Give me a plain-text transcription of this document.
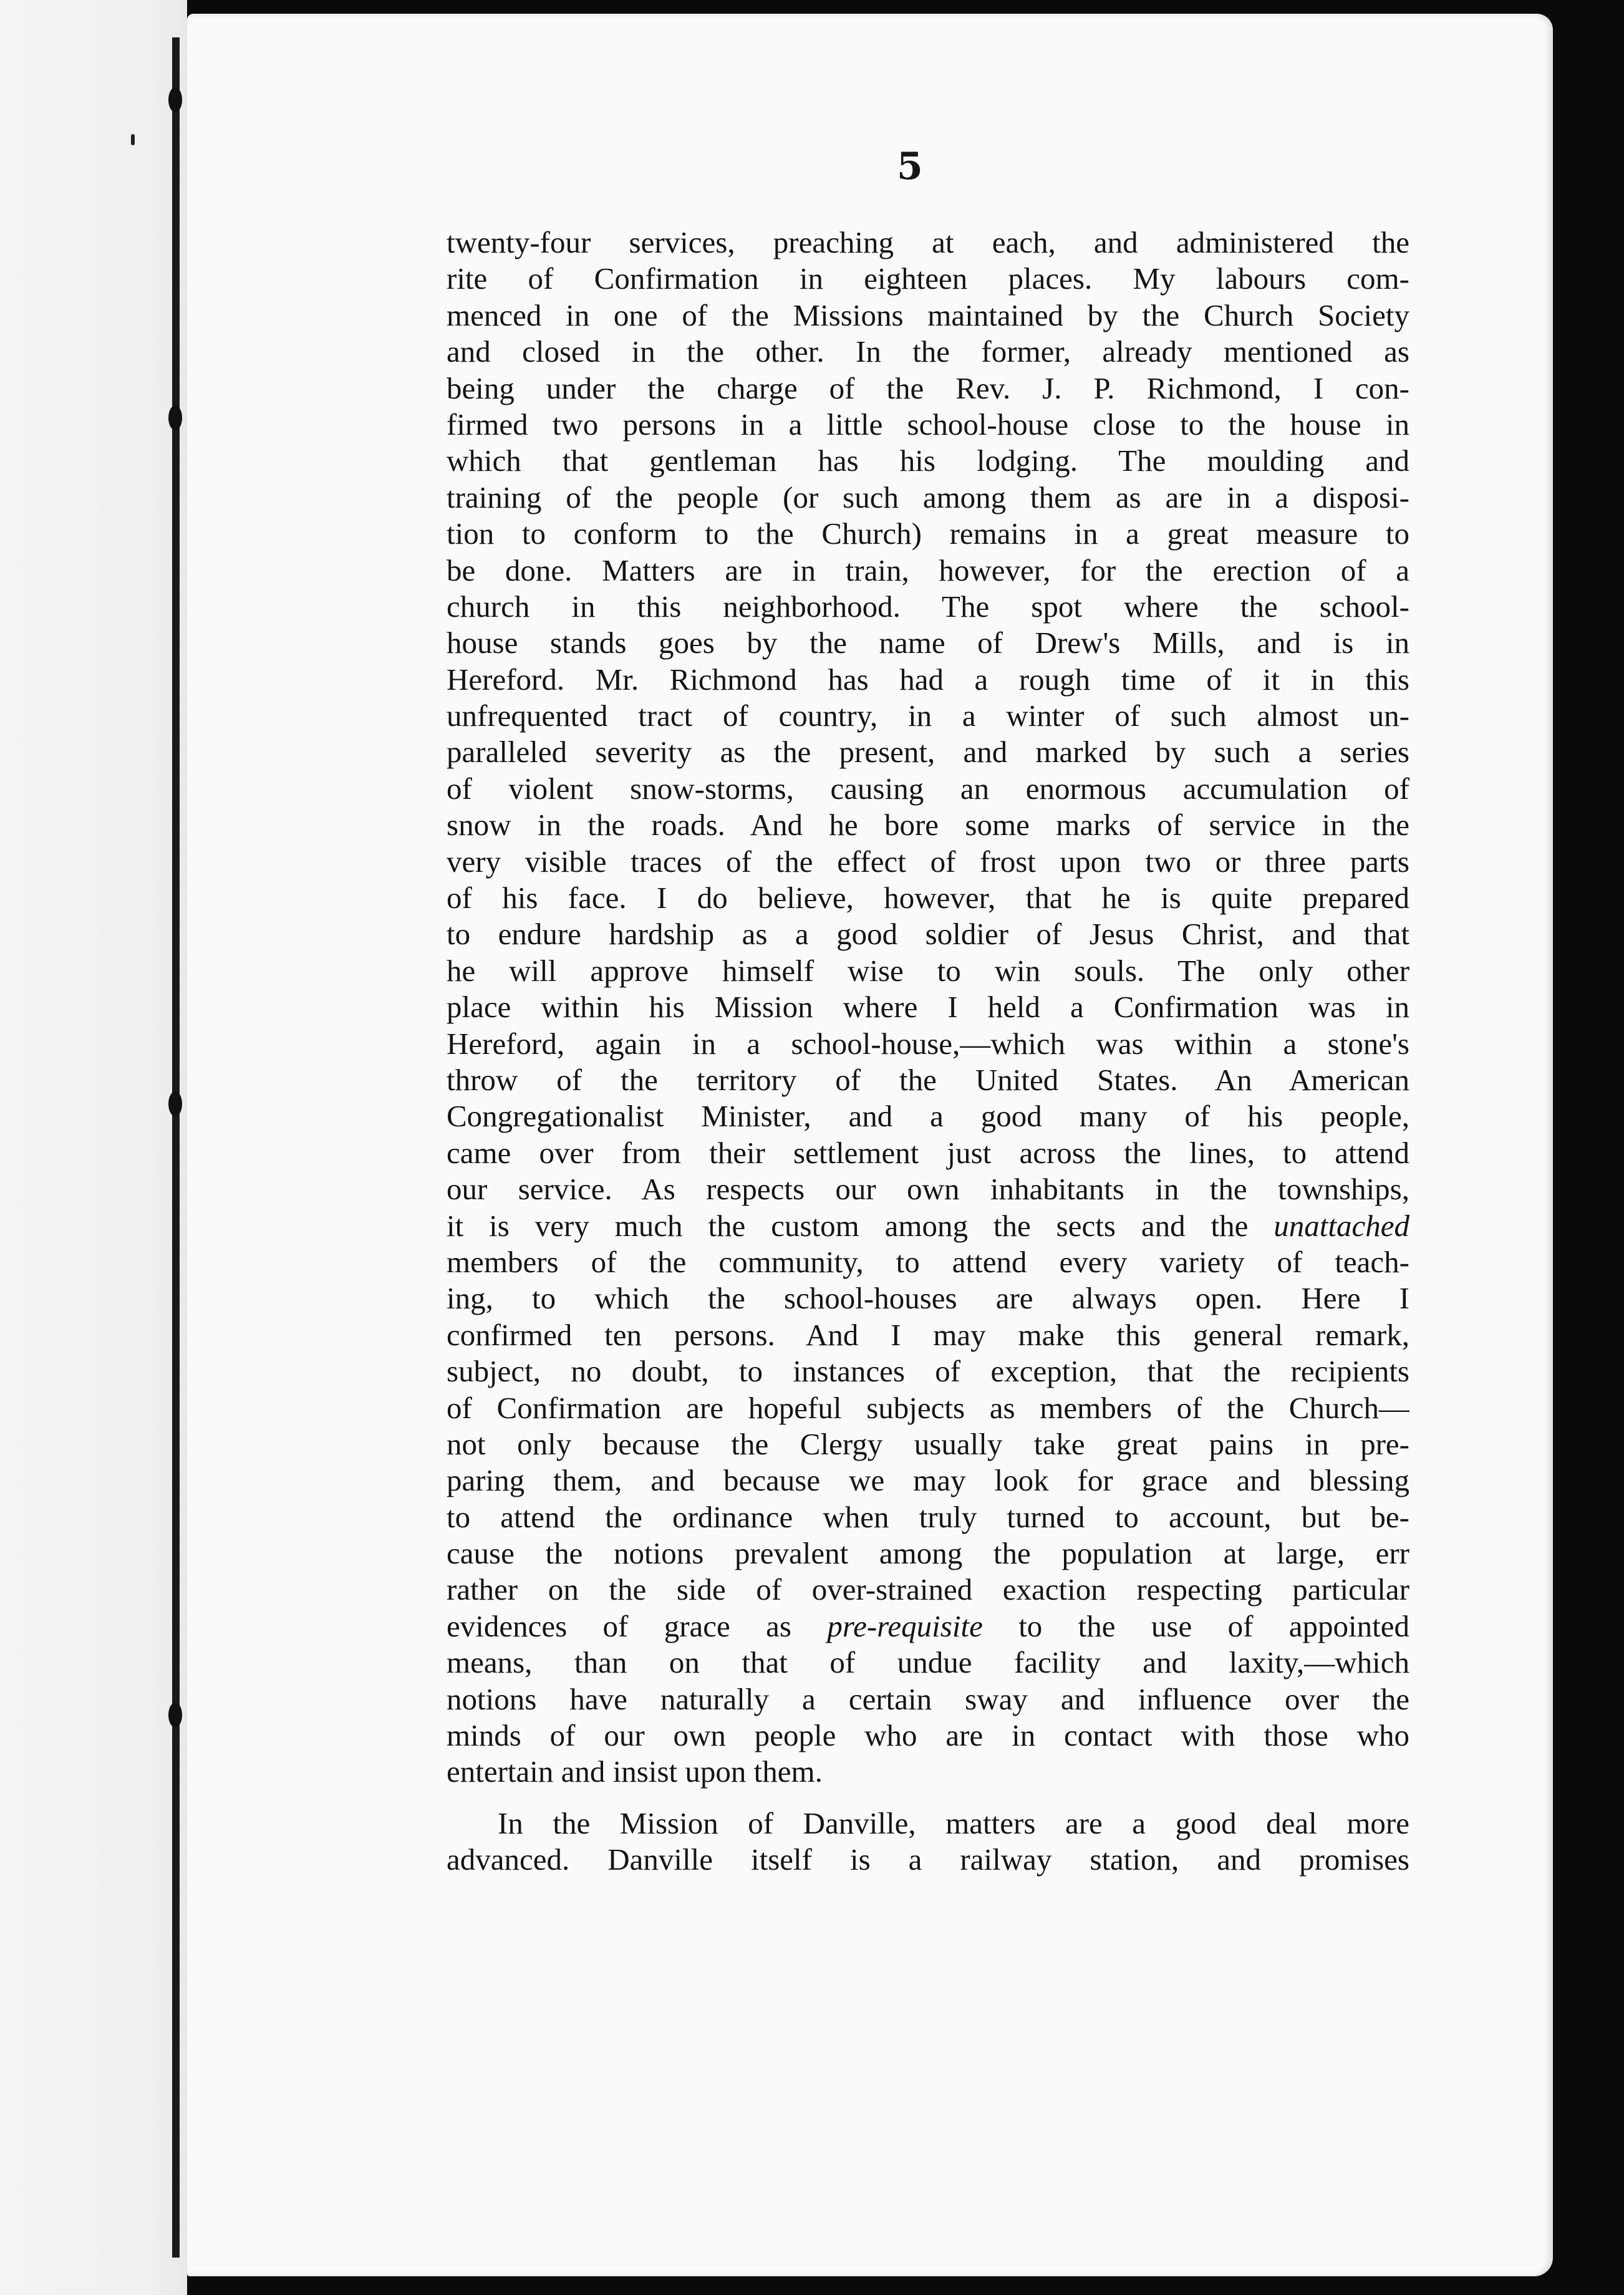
5

twenty-four services, preaching at each, and administered the
rite of Confirmation in eighteen places. My labours com-
menced in one of the Missions maintained by the Church Society
and closed in the other. In the former, already mentioned as
being under the charge of the Rev. J. P. Richmond, I con-
firmed two persons in a little school-house close to the house in
which that gentleman has his lodging. The moulding and
training of the people (or such among them as are in a disposi-
tion to conform to the Church) remains in a great measure to
be done. Matters are in train, however, for the erection of a
church in this neighborhood. The spot where the school-
house stands goes by the name of Drew's Mills, and is in
Hereford. Mr. Richmond has had a rough time of it in this
unfrequented tract of country, in a winter of such almost un-
paralleled severity as the present, and marked by such a series
of violent snow-storms, causing an enormous accumulation of
snow in the roads. And he bore some marks of service in the
very visible traces of the effect of frost upon two or three parts
of his face. I do believe, however, that he is quite prepared
to endure hardship as a good soldier of Jesus Christ, and that
he will approve himself wise to win souls. The only other
place within his Mission where I held a Confirmation was in
Hereford, again in a school-house,—which was within a stone's
throw of the territory of the United States. An American
Congregationalist Minister, and a good many of his people,
came over from their settlement just across the lines, to attend
our service. As respects our own inhabitants in the townships,
it is very much the custom among the sects and the unattached
members of the community, to attend every variety of teach-
ing, to which the school-houses are always open. Here I
confirmed ten persons. And I may make this general remark,
subject, no doubt, to instances of exception, that the recipients
of Confirmation are hopeful subjects as members of the Church—
not only because the Clergy usually take great pains in pre-
paring them, and because we may look for grace and blessing
to attend the ordinance when truly turned to account, but be-
cause the notions prevalent among the population at large, err
rather on the side of over-strained exaction respecting particular
evidences of grace as pre-requisite to the use of appointed
means, than on that of undue facility and laxity,—which
notions have naturally a certain sway and influence over the
minds of our own people who are in contact with those who
entertain and insist upon them.
In the Mission of Danville, matters are a good deal more
advanced. Danville itself is a railway station, and promises
